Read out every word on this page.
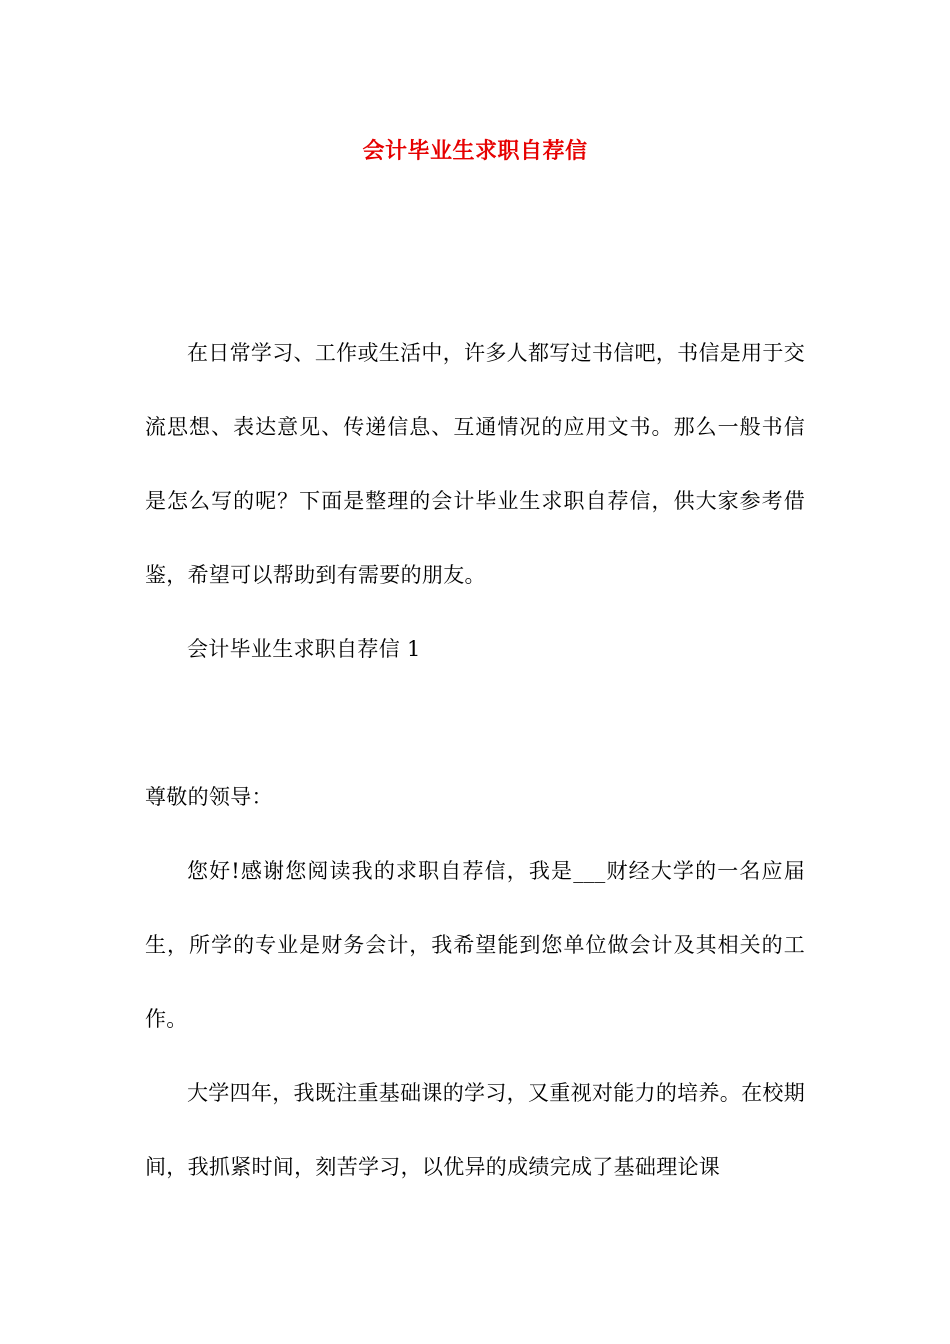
会计毕业生求职自荐信

在日常学习、工作或生活中，许多人都写过书信吧，书信是用于交流思想、表达意见、传递信息、互通情况的应用文书。那么一般书信是怎么写的呢？下面是整理的会计毕业生求职自荐信，供大家参考借鉴，希望可以帮助到有需要的朋友。

会计毕业生求职自荐信 1

尊敬的领导：

您好!感谢您阅读我的求职自荐信，我是___财经大学的一名应届生，所学的专业是财务会计，我希望能到您单位做会计及其相关的工作。

大学四年，我既注重基础课的学习，又重视对能力的培养。在校期间，我抓紧时间，刻苦学习，以优异的成绩完成了基础理论课
